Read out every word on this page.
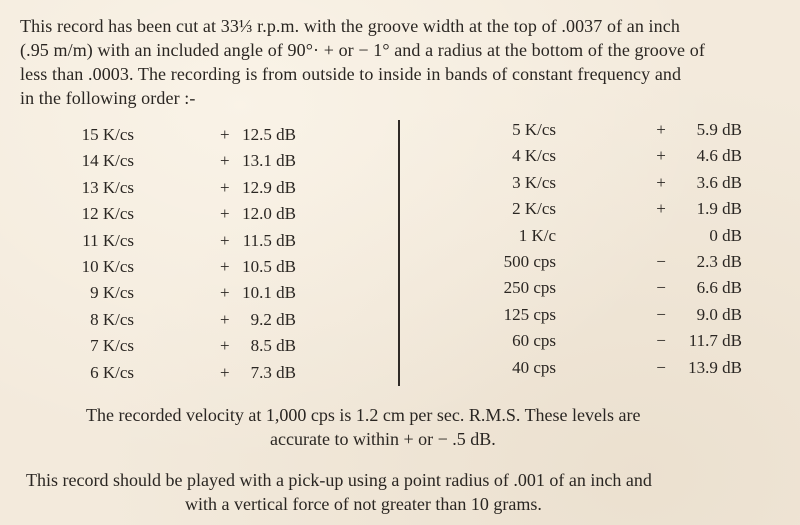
This record has been cut at 33⅓ r.p.m. with the groove width at the top of .0037 of an inch

(.95 m/m) with an included angle of 90°· + or − 1° and a radius at the bottom of the groove of

less than .0003. The recording is from outside to inside in bands of constant frequency and

in the following order :-

15 K/cs	+ 12.5 dB
14 K/cs	+ 13.1 dB
13 K/cs	+ 12.9 dB
12 K/cs	+ 12.0 dB
11 K/cs	+ 11.5 dB
10 K/cs	+ 10.5 dB
9 K/cs	+ 10.1 dB
8 K/cs	+ 9.2 dB
7 K/cs	+ 8.5 dB
6 K/cs	+ 7.3 dB
5 K/cs	+ 5.9 dB
4 K/cs	+ 4.6 dB
3 K/cs	+ 3.6 dB
2 K/cs	+ 1.9 dB
1 K/c	0 dB
500 cps	− 2.3 dB
250 cps	− 6.6 dB
125 cps	− 9.0 dB
60 cps	− 11.7 dB
40 cps	− 13.9 dB
The recorded velocity at 1,000 cps is 1.2 cm per sec. R.M.S. These levels are
accurate to within + or − .5 dB.
This record should be played with a pick-up using a point radius of .001 of an inch and
with a vertical force of not greater than 10 grams.
